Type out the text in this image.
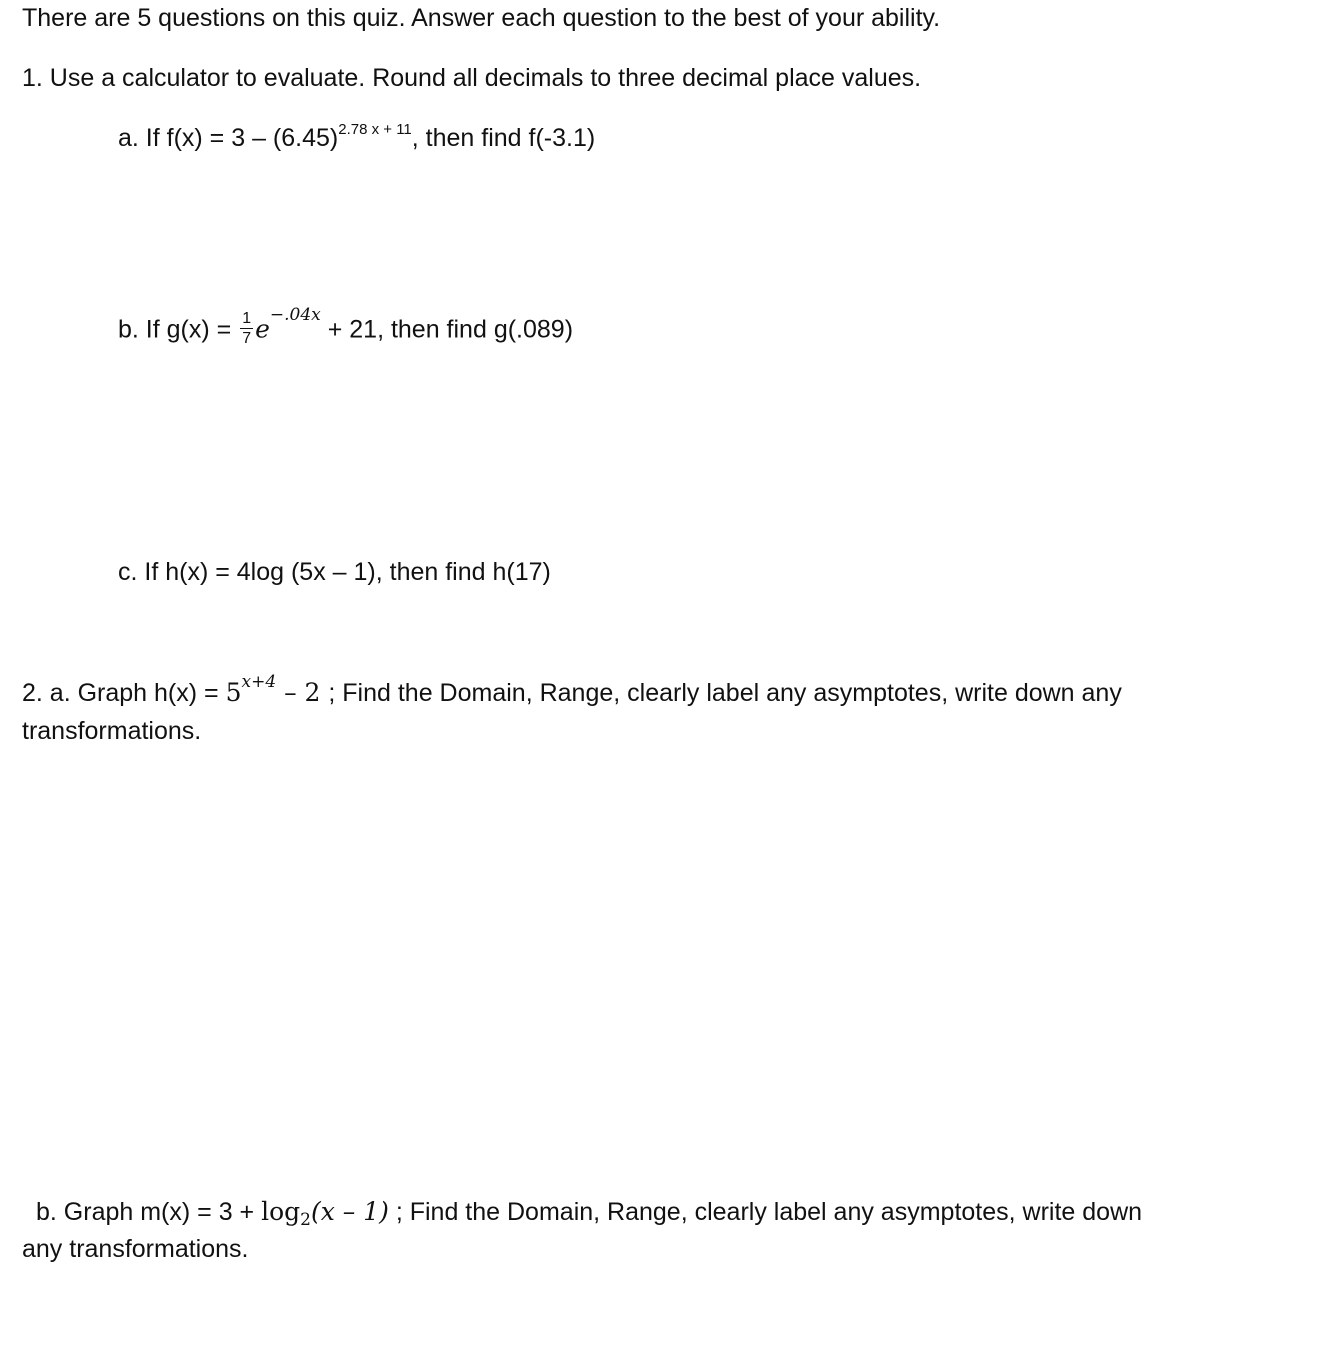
There are 5 questions on this quiz. Answer each question to the best of your ability.
1. Use a calculator to evaluate. Round all decimals to three decimal place values.
a. If $f(x) = 3 - (6.45)^{2.78 x + 11}$, then find f(-3.1)
b. If $g(x) = \frac{1}{7} e^{-.04x} + 21$, then find g(.089)
c. If h(x) = 4log (5x – 1), then find h(17)
2. a. Graph $h(x) = 5^{x+4} - 2$ ; Find the Domain, Range, clearly label any asymptotes, write down any
transformations.
b. Graph $m(x) = 3 + \log_2(x - 1)$ ; Find the Domain, Range, clearly label any asymptotes, write down
any transformations.
